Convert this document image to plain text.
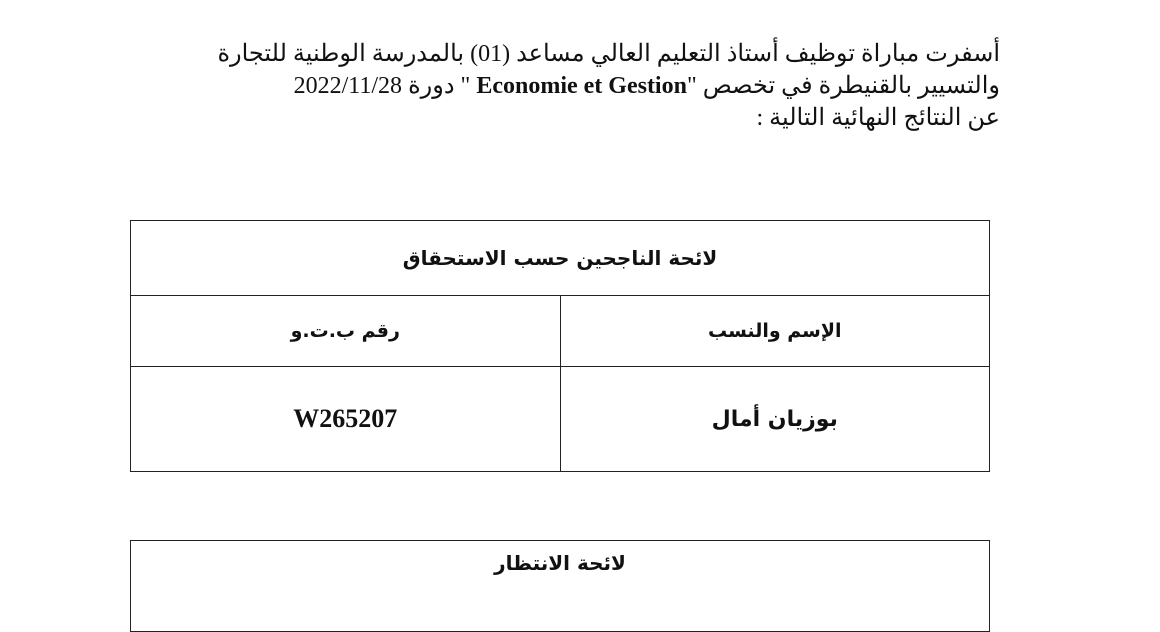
أسفرت مباراة توظيف أستاذ التعليم العالي مساعد (01) بالمدرسة الوطنية للتجارة
والتسيير بالقنيطرة في تخصص "Economie et Gestion " دورة 2022/11/28
عن النتائج النهائية التالية :
لائحة الناجحين حسب الاستحقاق	
الإسم والنسب	رقم ب.ت.و
بوزيان أمال	W265207
لائحة الانتظار
